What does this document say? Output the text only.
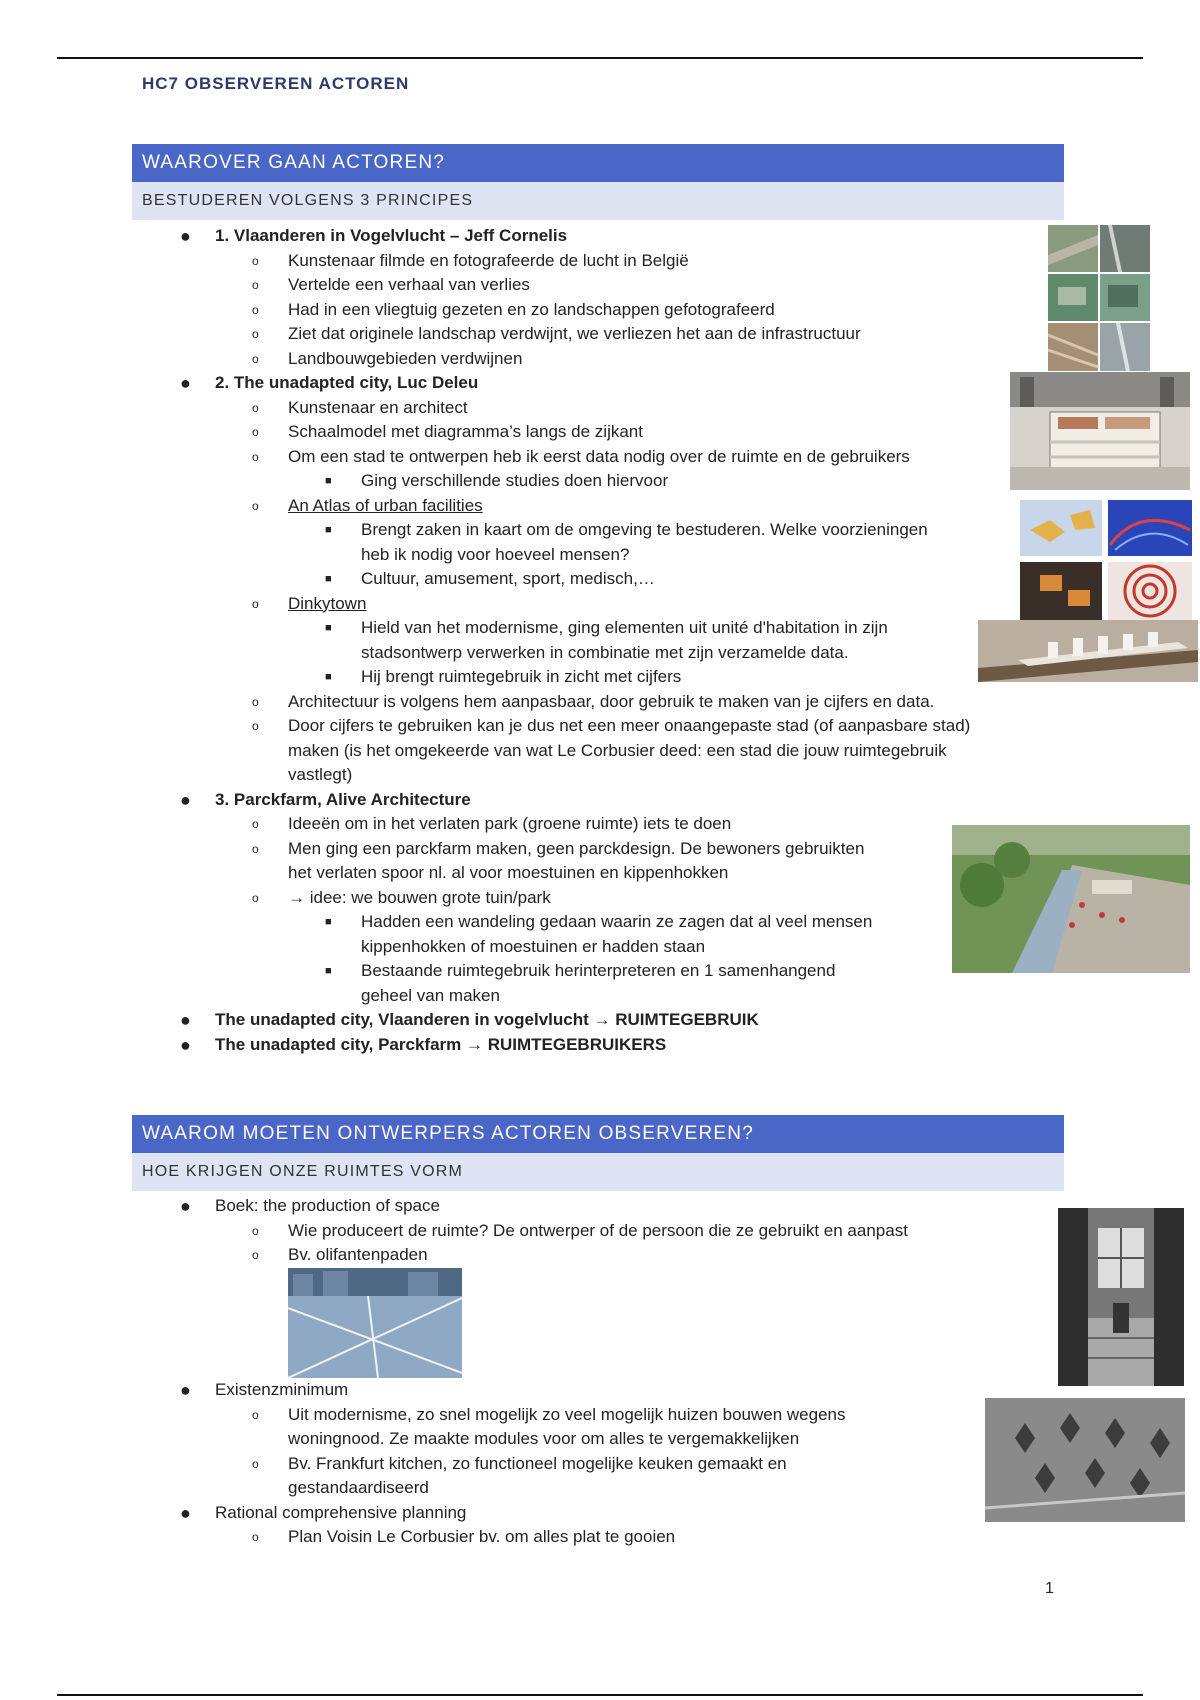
HC7 OBSERVEREN ACTOREN
WAAROVER GAAN ACTOREN?
BESTUDEREN VOLGENS 3 PRINCIPES
● 1. Vlaanderen in Vogelvlucht – Jeff Cornelis
o Kunstenaar filmde en fotografeerde de lucht in België
o Vertelde een verhaal van verlies
o Had in een vliegtuig gezeten en zo landschappen gefotografeerd
o Ziet dat originele landschap verdwijnt, we verliezen het aan de infrastructuur
o Landbouwgebieden verdwijnen
● 2. The unadapted city, Luc Deleu
o Kunstenaar en architect
o Schaalmodel met diagramma’s langs de zijkant
o Om een stad te ontwerpen heb ik eerst data nodig over de ruimte en de gebruikers
■ Ging verschillende studies doen hiervoor
o An Atlas of urban facilities
■ Brengt zaken in kaart om de omgeving te bestuderen. Welke voorzieningen
heb ik nodig voor hoeveel mensen?
■ Cultuur, amusement, sport, medisch,…
o Dinkytown
■ Hield van het modernisme, ging elementen uit unité d'habitation in zijn
stadsontwerp verwerken in combinatie met zijn verzamelde data.
■ Hij brengt ruimtegebruik in zicht met cijfers
o Architectuur is volgens hem aanpasbaar, door gebruik te maken van je cijfers en data.
o Door cijfers te gebruiken kan je dus net een meer onaangepaste stad (of aanpasbare stad)
maken (is het omgekeerde van wat Le Corbusier deed: een stad die jouw ruimtegebruik
vastlegt)
● 3. Parckfarm, Alive Architecture
o Ideeën om in het verlaten park (groene ruimte) iets te doen
o Men ging een parckfarm maken, geen parckdesign. De bewoners gebruikten
het verlaten spoor nl. al voor moestuinen en kippenhokken
o → idee: we bouwen grote tuin/park
■ Hadden een wandeling gedaan waarin ze zagen dat al veel mensen
kippenhokken of moestuinen er hadden staan
■ Bestaande ruimtegebruik herinterpreteren en 1 samenhangend
geheel van maken
● The unadapted city, Vlaanderen in vogelvlucht → RUIMTEGEBRUIK
● The unadapted city, Parckfarm → RUIMTEGEBRUIKERS
WAAROM MOETEN ONTWERPERS ACTOREN OBSERVEREN?
HOE KRIJGEN ONZE RUIMTES VORM
● Boek: the production of space
o Wie produceert de ruimte? De ontwerper of de persoon die ze gebruikt en aanpast
o Bv. olifantenpaden
● Existenzminimum
o Uit modernisme, zo snel mogelijk zo veel mogelijk huizen bouwen wegens
woningnood. Ze maakte modules voor om alles te vergemakkelijken
o Bv. Frankfurt kitchen, zo functioneel mogelijke keuken gemaakt en
gestandaardiseerd
● Rational comprehensive planning
o Plan Voisin Le Corbusier bv. om alles plat te gooien
1
